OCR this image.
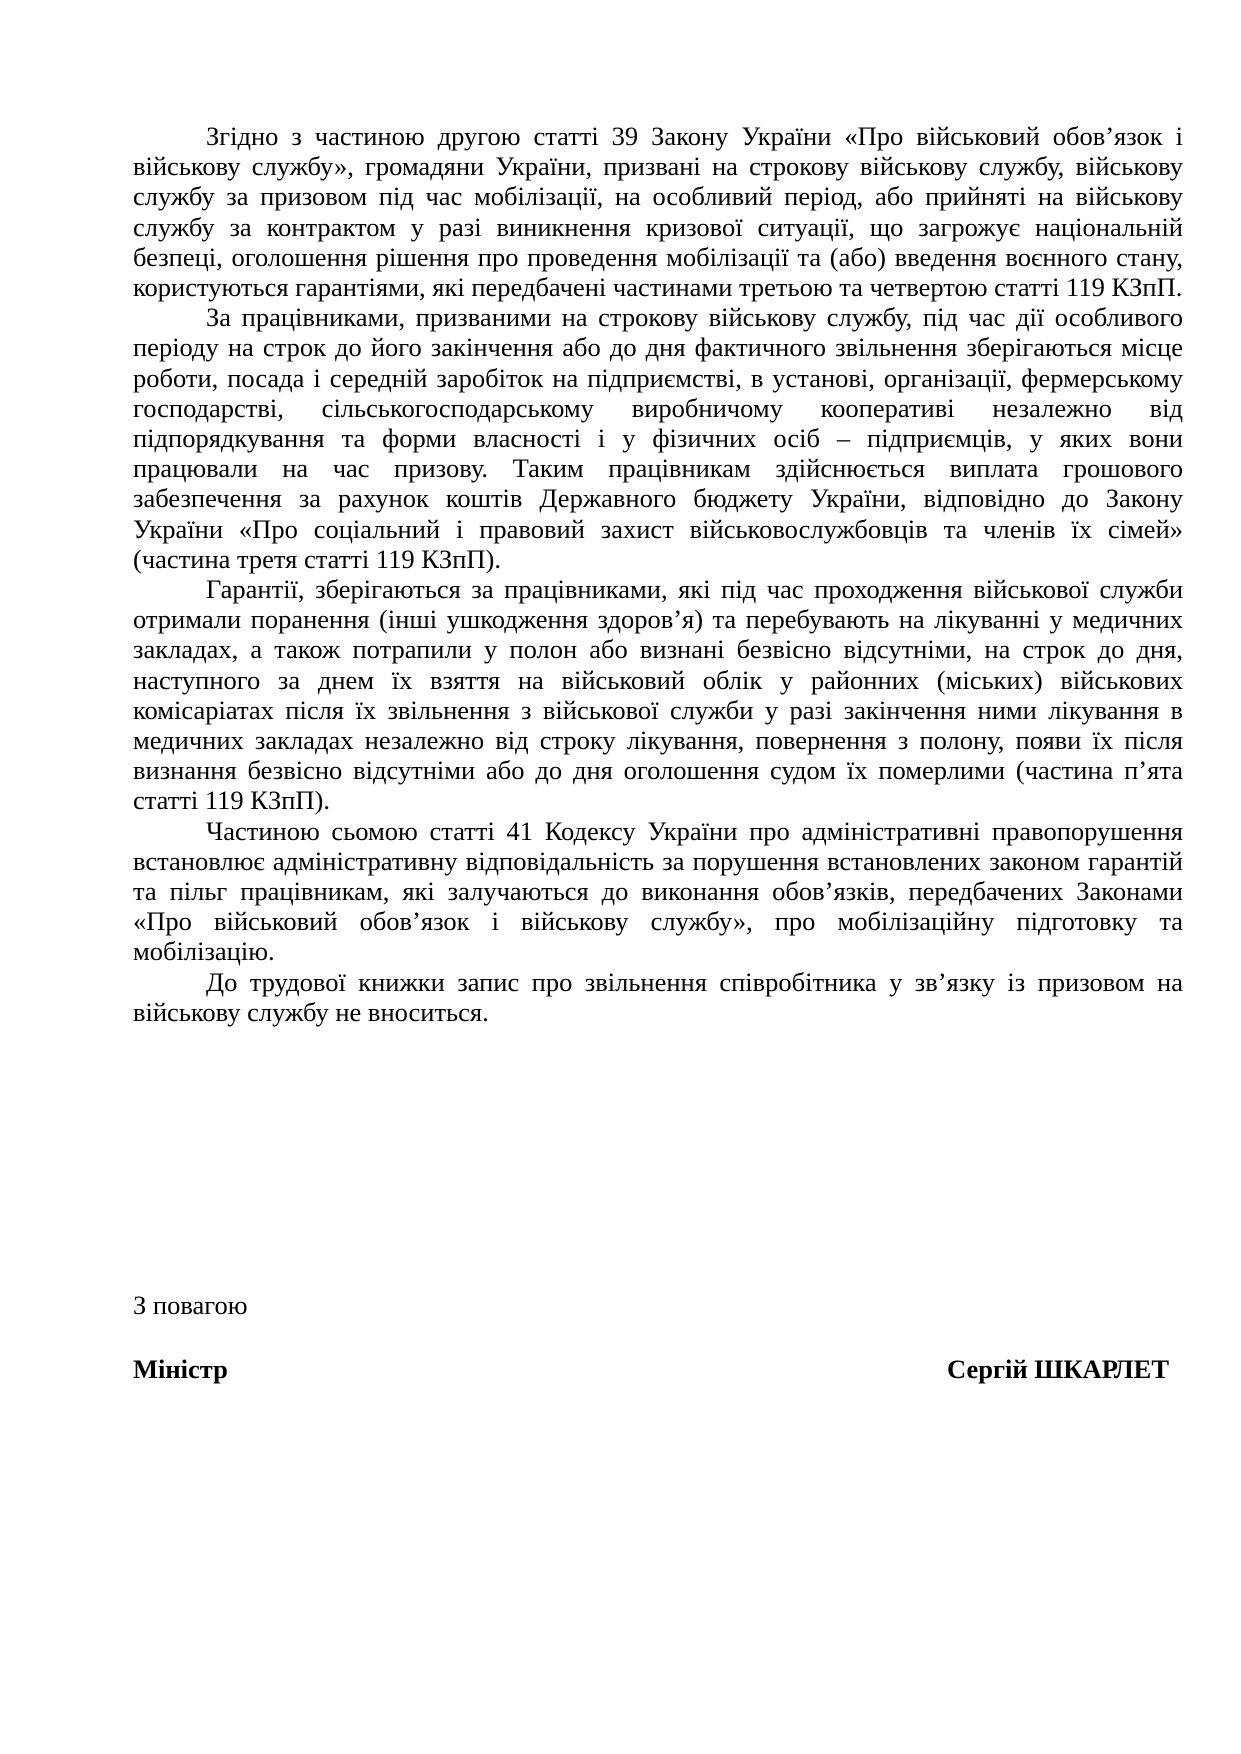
Згідно з частиною другою статті 39 Закону України «Про військовий обов’язок і військову службу», громадяни України, призвані на строкову військову службу, військову службу за призовом під час мобілізації, на особливий період, або прийняті на військову службу за контрактом у разі виникнення кризової ситуації, що загрожує національній безпеці, оголошення рішення про проведення мобілізації та (або) введення воєнного стану, користуються гарантіями, які передбачені частинами третьою та четвертою статті 119 КЗпП.

За працівниками, призваними на строкову військову службу, під час дії особливого періоду на строк до його закінчення або до дня фактичного звільнення зберігаються місце роботи, посада і середній заробіток на підприємстві, в установі, організації, фермерському господарстві, сільськогосподарському виробничому кооперативі незалежно від підпорядкування та форми власності і у фізичних осіб – підприємців, у яких вони працювали на час призову. Таким працівникам здійснюється виплата грошового забезпечення за рахунок коштів Державного бюджету України, відповідно до Закону України «Про соціальний і правовий захист військовослужбовців та членів їх сімей» (частина третя статті 119 КЗпП).

Гарантії, зберігаються за працівниками, які під час проходження військової служби отримали поранення (інші ушкодження здоров’я) та перебувають на лікуванні у медичних закладах, а також потрапили у полон або визнані безвісно відсутніми, на строк до дня, наступного за днем їх взяття на військовий облік у районних (міських) військових комісаріатах після їх звільнення з військової служби у разі закінчення ними лікування в медичних закладах незалежно від строку лікування, повернення з полону, появи їх після визнання безвісно відсутніми або до дня оголошення судом їх померлими (частина п’ята статті 119 КЗпП).

Частиною сьомою статті 41 Кодексу України про адміністративні правопорушення встановлює адміністративну відповідальність за порушення встановлених законом гарантій та пільг працівникам, які залучаються до виконання обов’язків, передбачених Законами «Про військовий обов’язок і військову службу», про мобілізаційну підготовку та мобілізацію.

До трудової книжки запис про звільнення співробітника у зв’язку із призовом на військову службу не вноситься.

З повагою

Міністр	Сергій ШКАРЛЕТ
